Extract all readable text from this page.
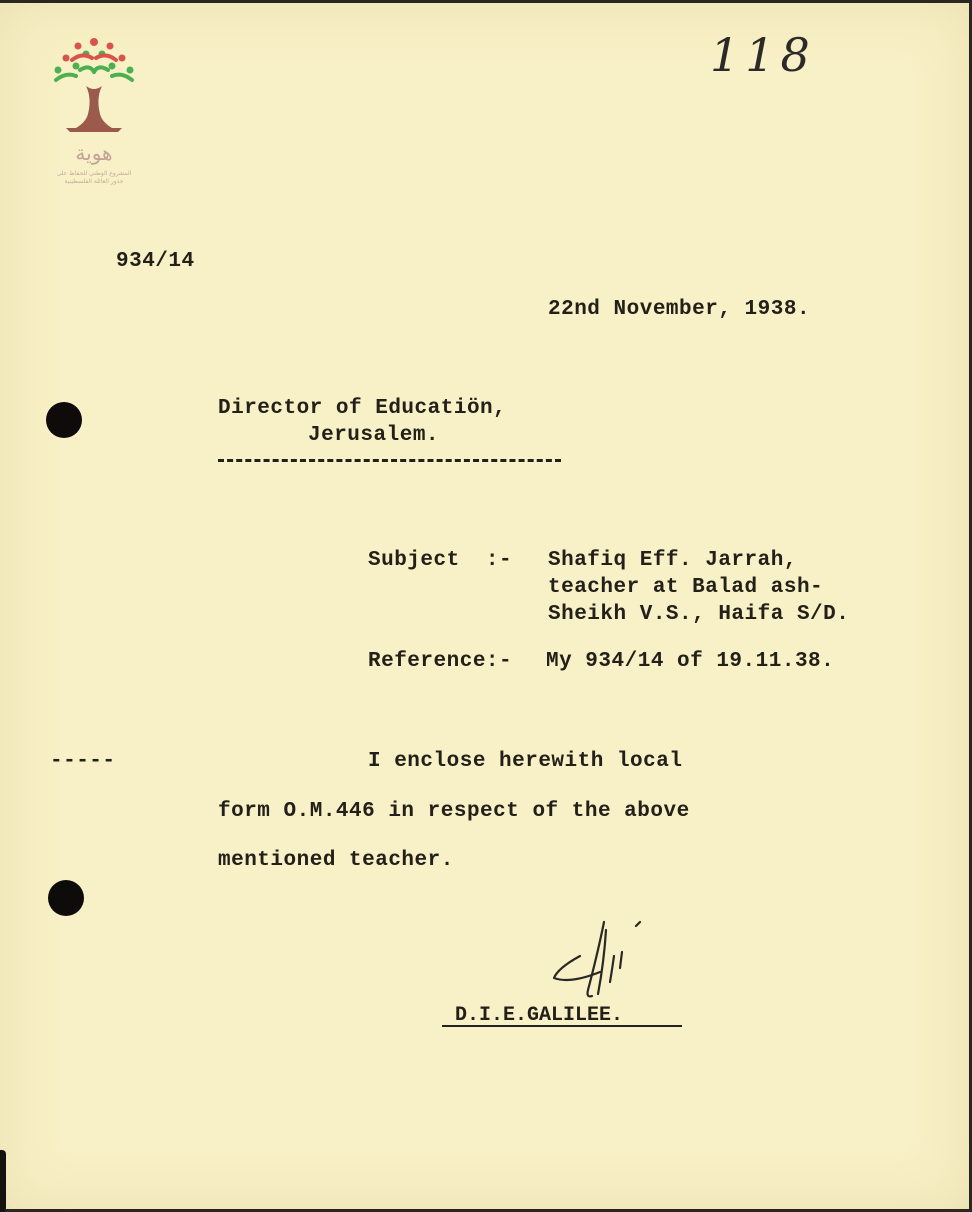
هوية
المشروع الوطني للحفاظ على
جذور العائلة الفلسطينية
118
934/14
22nd November, 1938.
Director of Educatiön,
Jerusalem.
Subject  :- Shafiq Eff. Jarrah,
teacher at Balad ash-
Sheikh V.S., Haifa S/D.
Reference:- My 934/14 of 19.11.38.
-----	I enclose herewith local
form O.M.446 in respect of the above
mentioned teacher.
D.I.E.GALILEE.
